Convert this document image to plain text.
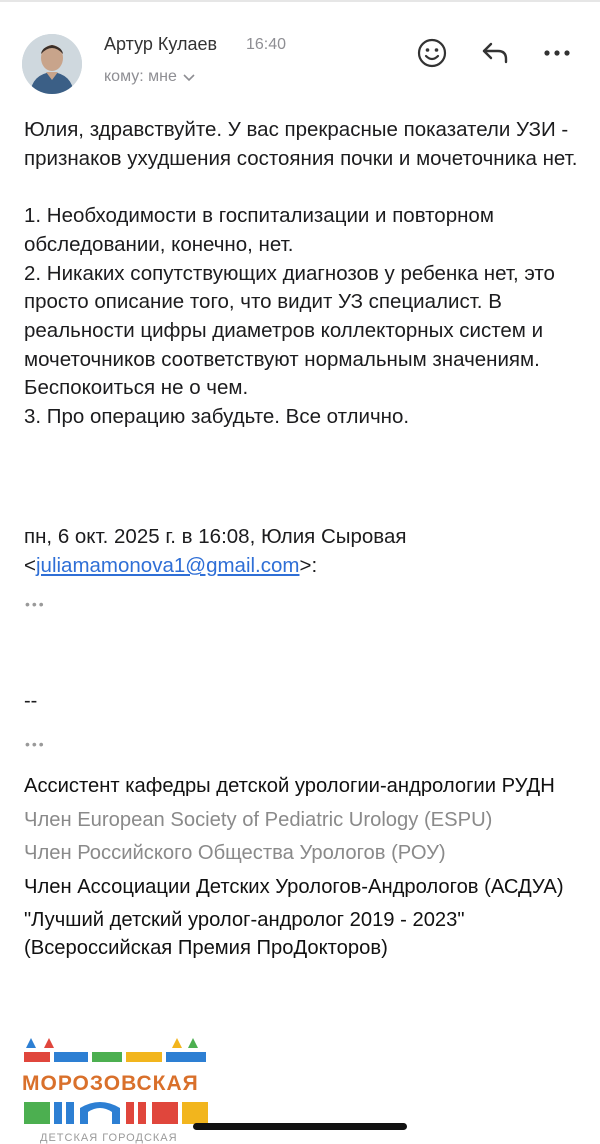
Артур Кулаев 16:40
кому: мне

Юлия, здравствуйте. У вас прекрасные показатели УЗИ - признаков ухудшения состояния почки и мочеточника нет.

1. Необходимости в госпитализации и повторном обследовании, конечно, нет.

2. Никаких сопутствующих диагнозов у ребенка нет, это просто описание того, что видит УЗ специалист. В реальности цифры диаметров коллекторных систем и мочеточников соответствуют нормальным значениям. Беспокоиться не о чем.

3. Про операцию забудьте. Все отлично.

пн, 6 окт. 2025 г. в 16:08, Юлия Сыровая
<juliamamonova1@gmail.com>:
•••
--
•••

Ассистент кафедры детской урологии-андрологии РУДН

Член European Society of Pediatric Urology (ESPU)

Член Российского Общества Урологов (РОУ)

Член Ассоциации Детских Урологов-Андрологов (АСДУА)

"Лучший детский уролог-андролог 2019 - 2023" (Всероссийская Премия ПроДокторов)

МОРОЗОВСКАЯ
ДЕТСКАЯ ГОРОДСКАЯ
